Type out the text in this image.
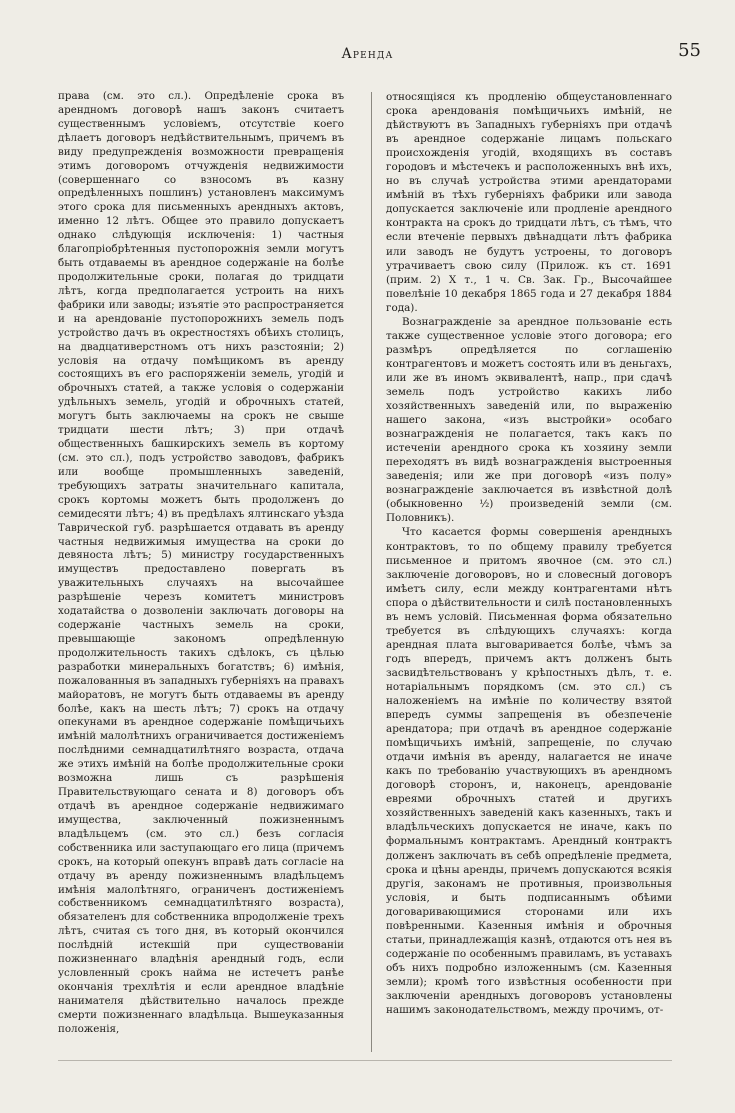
Аренда	55

права (см. это сл.). Опредѣленіе срока въ арендномъ договорѣ нашъ законъ считаетъ существеннымъ условіемъ, отсутствіе коего дѣлаетъ договоръ недѣйствительнымъ, причемъ въ виду предупрежденія возможности превращенія этимъ договоромъ отчужденія недвижимости (совершеннаго со взносомъ въ казну опредѣленныхъ пошлинъ) установленъ максимумъ этого срока для письменныхъ арендныхъ актовъ, именно 12 лѣтъ. Общее это правило допускаетъ однако слѣдующія исключенія: 1) частныя благопріобрѣтенныя пустопорожнія земли могутъ быть отдаваемы въ арендное содержаніе на болѣе продолжительные сроки, полагая до тридцати лѣтъ, когда предполагается устроить на нихъ фабрики или заводы; изъятіе это распространяется и на арендованіе пустопорожнихъ земель подъ устройство дачъ въ окрестностяхъ обѣихъ столицъ, на двадцативерстномъ отъ нихъ разстояніи; 2) условія на отдачу помѣщикомъ въ аренду состоящихъ въ его распоряженіи земель, угодій и оброчныхъ статей, а также условія о содержаніи удѣльныхъ земель, угодій и оброчныхъ статей, могутъ быть заключаемы на срокъ не свыше тридцати шести лѣтъ; 3) при отдачѣ общественныхъ башкирскихъ земель въ кортому (см. это сл.), подъ устройство заводовъ, фабрикъ или вообще промышленныхъ заведеній, требующихъ затраты значительнаго капитала, срокъ кортомы можетъ быть продолженъ до семидесяти лѣтъ; 4) въ предѣлахъ ялтинскаго уѣзда Таврической губ. разрѣшается отдавать въ аренду частныя недвижимыя имущества на сроки до девяноста лѣтъ; 5) министру государственныхъ имуществъ предоставлено повергать въ уважительныхъ случаяхъ на высочайшее разрѣшеніе черезъ комитетъ министровъ ходатайства о дозволеніи заключать договоры на содержаніе частныхъ земель на сроки, превышающіе закономъ опредѣленную продолжительность такихъ сдѣлокъ, съ цѣлью разработки минеральныхъ богатствъ; 6) имѣнія, пожалованныя въ западныхъ губерніяхъ на правахъ майоратовъ, не могутъ быть отдаваемы въ аренду болѣе, какъ на шесть лѣтъ; 7) срокъ на отдачу опекунами въ арендное содержаніе помѣщичьихъ имѣній малолѣтнихъ ограничивается достиженіемъ послѣдними семнадцатилѣтняго возраста, отдача же этихъ имѣній на болѣе продолжительные сроки возможна лишь съ разрѣшенія Правительствующаго сената и 8) договоръ объ отдачѣ въ арендное содержаніе недвижимаго имущества, заключенный пожизненнымъ владѣльцемъ (см. это сл.) безъ согласія собственника или заступающаго его лица (причемъ срокъ, на который опекунъ вправѣ дать согласіе на отдачу въ аренду пожизненнымъ владѣльцемъ имѣнія малолѣтняго, ограниченъ достиженіемъ собственникомъ семнадцатилѣтняго возраста), обязателенъ для собственника впродолженіе трехъ лѣтъ, считая съ того дня, въ который окончился послѣдній истекшій при существованіи пожизненнаго владѣнія арендный годъ, если условленный срокъ найма не истечетъ ранѣе окончанія трехлѣтія и если арендное владѣніе нанимателя дѣйствительно началось прежде смерти пожизненнаго владѣльца. Вышеуказанныя положенія,

относящіяся къ продленію общеустановленнаго срока арендованія помѣщичьихъ имѣній, не дѣйствуютъ въ Западныхъ губерніяхъ при отдачѣ въ арендное содержаніе лицамъ польскаго происхожденія угодій, входящихъ въ составъ городовъ и мѣстечекъ и расположенныхъ внѣ ихъ, но въ случаѣ устройства этими арендаторами имѣній въ тѣхъ губерніяхъ фабрики или завода допускается заключеніе или продленіе арендного контракта на срокъ до тридцати лѣтъ, съ тѣмъ, что если втеченіе первыхъ двѣнадцати лѣтъ фабрика или заводъ не будутъ устроены, то договоръ утрачиваетъ свою силу (Прилож. къ ст. 1691 (прим. 2) X т., 1 ч. Св. Зак. Гр., Высочайшее повелѣніе 10 декабря 1865 года и 27 декабря 1884 года).

Вознагражденіе за арендное пользованіе есть также существенное условіе этого договора; его размѣръ опредѣляется по соглашенію контрагентовъ и можетъ состоять или въ деньгахъ, или же въ иномъ эквивалентѣ, напр., при сдачѣ земель подъ устройство какихъ либо хозяйственныхъ заведеній или, по выраженію нашего закона, «изъ выстройки» особаго вознагражденія не полагается, такъ какъ по истеченіи арендного срока къ хозяину земли переходятъ въ видѣ вознагражденія выстроенныя заведенія; или же при договорѣ «изъ полу» вознагражденіе заключается въ извѣстной долѣ (обыкновенно ½) произведеній земли (см. Половникъ).

Что касается формы совершенія арендныхъ контрактовъ, то по общему правилу требуется письменное и притомъ явочное (см. это сл.) заключеніе договоровъ, но и словесный договоръ имѣетъ силу, если между контрагентами нѣтъ спора о дѣйствительности и силѣ постановленныхъ въ немъ условій. Письменная форма обязательно требуется въ слѣдующихъ случаяхъ: когда арендная плата выговаривается болѣе, чѣмъ за годъ впередъ, причемъ актъ долженъ быть засвидѣтельствованъ у крѣпостныхъ дѣлъ, т. е. нотаріальнымъ порядкомъ (см. это сл.) съ наложеніемъ на имѣніе по количеству взятой впередъ суммы запрещенія въ обезпеченіе арендатора; при отдачѣ въ арендное содержаніе помѣщичьихъ имѣній, запрещеніе, по случаю отдачи имѣнія въ аренду, налагается не иначе какъ по требованію участвующихъ въ арендномъ договорѣ сторонъ, и, наконецъ, арендованіе евреями оброчныхъ статей и другихъ хозяйственныхъ заведеній какъ казенныхъ, такъ и владѣльческихъ допускается не иначе, какъ по формальнымъ контрактамъ. Арендный контрактъ долженъ заключать въ себѣ опредѣленіе предмета, срока и цѣны аренды, причемъ допускаются всякія другія, законамъ не противныя, произвольныя условія, и быть подписаннымъ обѣими договаривающимися сторонами или ихъ повѣренными. Казенныя имѣнія и оброчныя статьи, принадлежащія казнѣ, отдаются отъ нея въ содержаніе по особеннымъ правиламъ, въ уставахъ объ нихъ подробно изложеннымъ (см. Казенныя земли); кромѣ того извѣстныя особенности при заключеніи арендныхъ договоровъ установлены нашимъ законодательствомъ, между прочимъ, от-
